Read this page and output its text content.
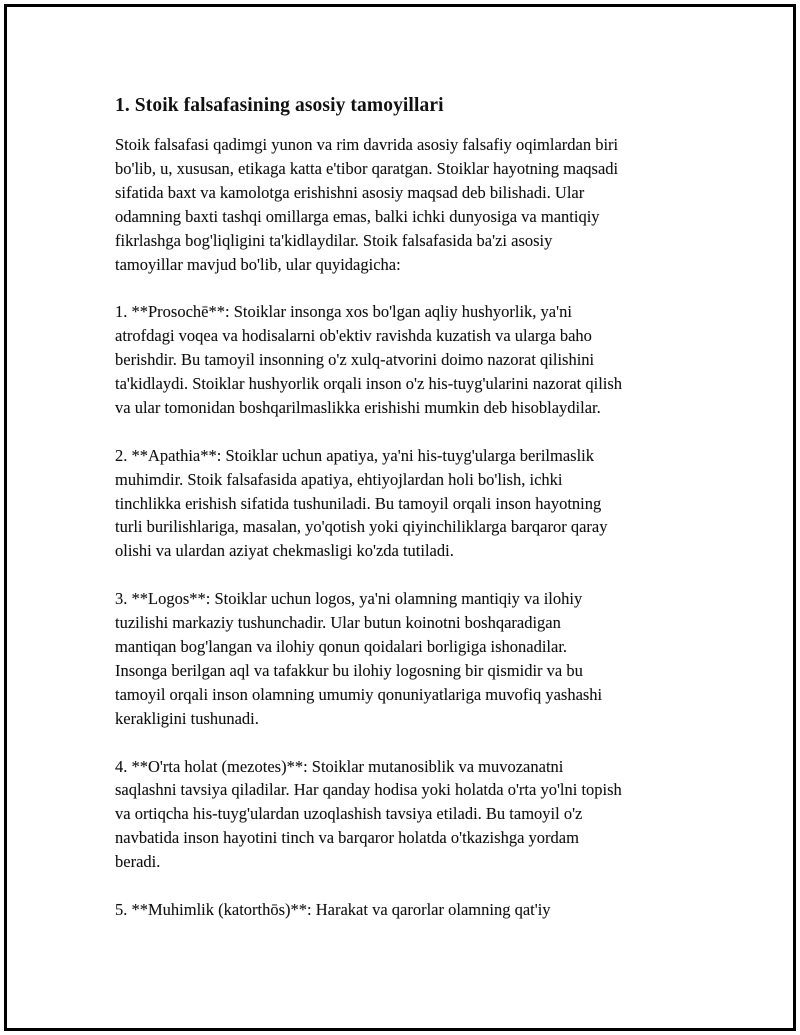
1. Stoik falsafasining asosiy tamoyillari

Stoik falsafasi qadimgi yunon va rim davrida asosiy falsafiy oqimlardan biri
bo'lib, u, xususan, etikaga katta e'tibor qaratgan. Stoiklar hayotning maqsadi
sifatida baxt va kamolotga erishishni asosiy maqsad deb bilishadi. Ular
odamning baxti tashqi omillarga emas, balki ichki dunyosiga va mantiqiy
fikrlashga bog'liqligini ta'kidlaydilar. Stoik falsafasida ba'zi asosiy
tamoyillar mavjud bo'lib, ular quyidagicha:

1. **Prosochē**: Stoiklar insonga xos bo'lgan aqliy hushyorlik, ya'ni
atrofdagi voqea va hodisalarni ob'ektiv ravishda kuzatish va ularga baho
berishdir. Bu tamoyil insonning o'z xulq-atvorini doimo nazorat qilishini
ta'kidlaydi. Stoiklar hushyorlik orqali inson o'z his-tuyg'ularini nazorat qilish
va ular tomonidan boshqarilmaslikka erishishi mumkin deb hisoblaydilar.

2. **Apathia**: Stoiklar uchun apatiya, ya'ni his-tuyg'ularga berilmaslik
muhimdir. Stoik falsafasida apatiya, ehtiyojlardan holi bo'lish, ichki
tinchlikka erishish sifatida tushuniladi. Bu tamoyil orqali inson hayotning
turli burilishlariga, masalan, yo'qotish yoki qiyinchiliklarga barqaror qaray
olishi va ulardan aziyat chekmasligi ko'zda tutiladi.

3. **Logos**: Stoiklar uchun logos, ya'ni olamning mantiqiy va ilohiy
tuzilishi markaziy tushunchadir. Ular butun koinotni boshqaradigan
mantiqan bog'langan va ilohiy qonun qoidalari borligiga ishonadilar.
Insonga berilgan aql va tafakkur bu ilohiy logosning bir qismidir va bu
tamoyil orqali inson olamning umumiy qonuniyatlariga muvofiq yashashi
kerakligini tushunadi.

4. **O'rta holat (mezotes)**: Stoiklar mutanosiblik va muvozanatni
saqlashni tavsiya qiladilar. Har qanday hodisa yoki holatda o'rta yo'lni topish
va ortiqcha his-tuyg'ulardan uzoqlashish tavsiya etiladi. Bu tamoyil o'z
navbatida inson hayotini tinch va barqaror holatda o'tkazishga yordam
beradi.

5. **Muhimlik (katorthōs)**: Harakat va qarorlar olamning qat'iy
